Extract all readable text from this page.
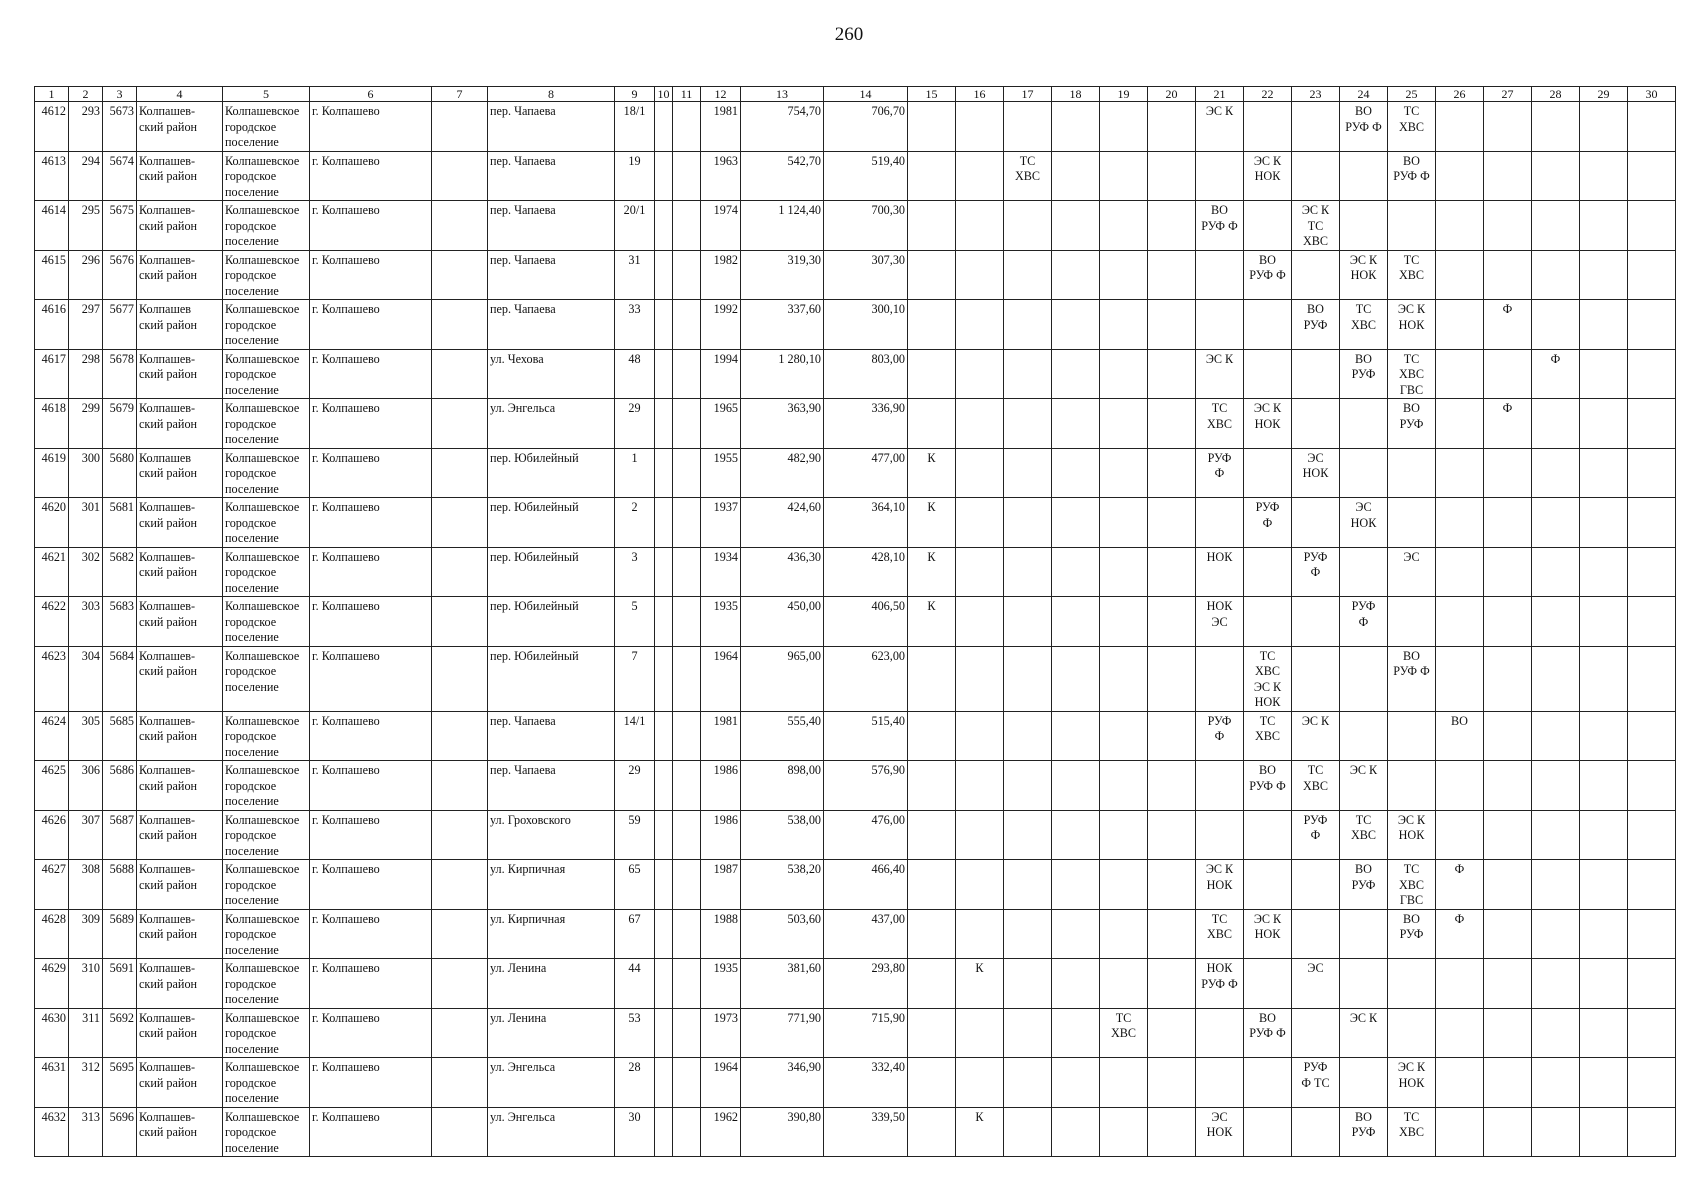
260
1	2	3	4	5	6	7	8	9	10	11	12	13	14	15	16	17	18	19	20	21	22	23	24	25	26	27	28	29	30
4612	293	5673	Колпашев-
ский район	Колпашевское
городское
поселение	г. Колпашево		пер. Чапаева	18/1			1981	754,70	706,70							ЭС К			ВО
РУФ Ф	ТС
ХВС					
4613	294	5674	Колпашев-
ский район	Колпашевское
городское
поселение	г. Колпашево		пер. Чапаева	19			1963	542,70	519,40			ТС
ХВС					ЭС К
НОК			ВО
РУФ Ф					
4614	295	5675	Колпашев-
ский район	Колпашевское
городское
поселение	г. Колпашево		пер. Чапаева	20/1			1974	1 124,40	700,30							ВО
РУФ Ф		ЭС К
ТС
ХВС							
4615	296	5676	Колпашев-
ский район	Колпашевское
городское
поселение	г. Колпашево		пер. Чапаева	31			1982	319,30	307,30								ВО
РУФ Ф		ЭС К
НОК	ТС
ХВС					
4616	297	5677	Колпашев
ский район	Колпашевское
городское
поселение	г. Колпашево		пер. Чапаева	33			1992	337,60	300,10									ВО
РУФ	ТС
ХВС	ЭС К
НОК		Ф			
4617	298	5678	Колпашев-
ский район	Колпашевское
городское
поселение	г. Колпашево		ул. Чехова	48			1994	1 280,10	803,00							ЭС К			ВО
РУФ	ТС
ХВС
ГВС			Ф		
4618	299	5679	Колпашев-
ский район	Колпашевское
городское
поселение	г. Колпашево		ул. Энгельса	29			1965	363,90	336,90							ТС
ХВС	ЭС К
НОК			ВО
РУФ		Ф			
4619	300	5680	Колпашев
ский район	Колпашевское
городское
поселение	г. Колпашево		пер. Юбилейный	1			1955	482,90	477,00	К						РУФ
Ф		ЭС
НОК							
4620	301	5681	Колпашев-
ский район	Колпашевское
городское
поселение	г. Колпашево		пер. Юбилейный	2			1937	424,60	364,10	К							РУФ
Ф		ЭС
НОК						
4621	302	5682	Колпашев-
ский район	Колпашевское
городское
поселение	г. Колпашево		пер. Юбилейный	3			1934	436,30	428,10	К						НОК		РУФ
Ф		ЭС					
4622	303	5683	Колпашев-
ский район	Колпашевское
городское
поселение	г. Колпашево		пер. Юбилейный	5			1935	450,00	406,50	К						НОК
ЭС			РУФ
Ф						
4623	304	5684	Колпашев-
ский район	Колпашевское
городское
поселение	г. Колпашево		пер. Юбилейный	7			1964	965,00	623,00								ТС
ХВС
ЭС К
НОК			ВО
РУФ Ф					
4624	305	5685	Колпашев-
ский район	Колпашевское
городское
поселение	г. Колпашево		пер. Чапаева	14/1			1981	555,40	515,40							РУФ
Ф	ТС
ХВС	ЭС К			ВО				
4625	306	5686	Колпашев-
ский район	Колпашевское
городское
поселение	г. Колпашево		пер. Чапаева	29			1986	898,00	576,90								ВО
РУФ Ф	ТС
ХВС	ЭС К						
4626	307	5687	Колпашев-
ский район	Колпашевское
городское
поселение	г. Колпашево		ул. Гроховского	59			1986	538,00	476,00									РУФ
Ф	ТС
ХВС	ЭС К
НОК					
4627	308	5688	Колпашев-
ский район	Колпашевское
городское
поселение	г. Колпашево		ул. Кирпичная	65			1987	538,20	466,40							ЭС К
НОК			ВО
РУФ	ТС
ХВС
ГВС	Ф				
4628	309	5689	Колпашев-
ский район	Колпашевское
городское
поселение	г. Колпашево		ул. Кирпичная	67			1988	503,60	437,00							ТС
ХВС	ЭС К
НОК			ВО
РУФ	Ф				
4629	310	5691	Колпашев-
ский район	Колпашевское
городское
поселение	г. Колпашево		ул. Ленина	44			1935	381,60	293,80		К					НОК
РУФ Ф		ЭС							
4630	311	5692	Колпашев-
ский район	Колпашевское
городское
поселение	г. Колпашево		ул. Ленина	53			1973	771,90	715,90					ТС
ХВС			ВО
РУФ Ф		ЭС К						
4631	312	5695	Колпашев-
ский район	Колпашевское
городское
поселение	г. Колпашево		ул. Энгельса	28			1964	346,90	332,40									РУФ
Ф ТС		ЭС К
НОК					
4632	313	5696	Колпашев-
ский район	Колпашевское
городское
поселение	г. Колпашево		ул. Энгельса	30			1962	390,80	339,50		К					ЭС
НОК			ВО
РУФ	ТС
ХВС					
